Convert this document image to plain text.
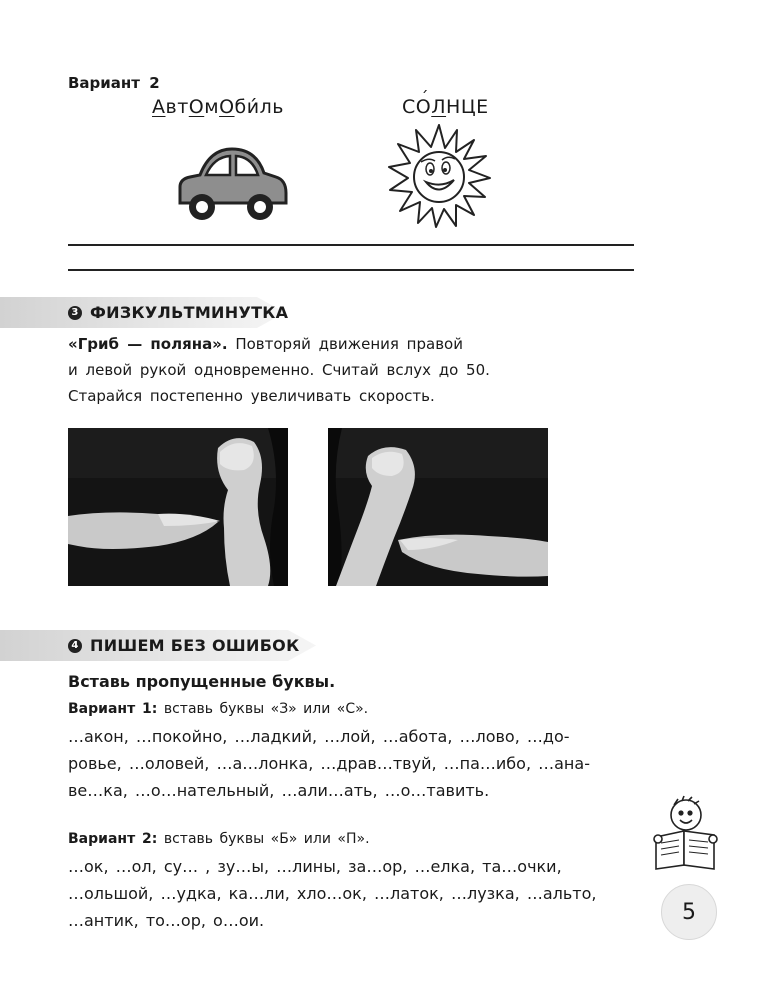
Вариант 2
АвтОмОби́ль	СО ´ЛНЦЕ
3 ФИЗКУЛЬТМИНУТКА
«Гриб — поляна». Повторяй движения правой
и левой рукой одновременно. Считай вслух до 50.
Старайся постепенно увеличивать скорость.
4 ПИШЕМ БЕЗ ОШИБОК
Вставь пропущенные буквы.
Вариант 1: вставь буквы «З» или «С».
…акон, …покойно, …ладкий, …лой, …абота, …лово, …до-
ровье, …оловей, …а…лонка, …драв…твуй, …па…ибо, …ана-
ве…ка, …о…нательный, …али…ать, …о…тавить.
Вариант 2: вставь буквы «Б» или «П».
…ок, …ол, су… , зу…ы, …лины, за…ор, …елка, та…очки,
…ольшой, …удка, ка…ли, хло…ок, …латок, …лузка, …альто,
…антик, то…ор, о…ои.	5
